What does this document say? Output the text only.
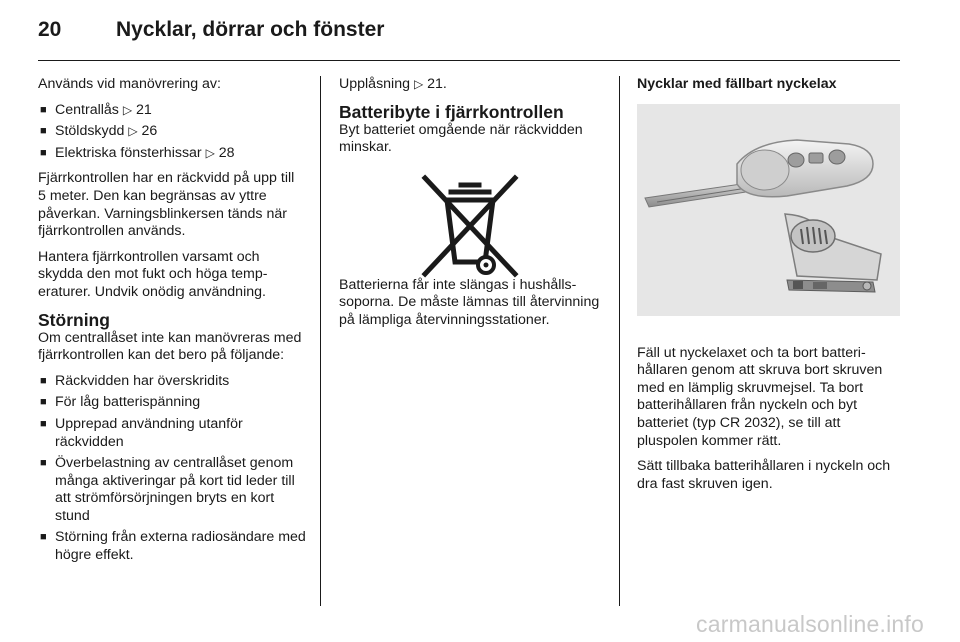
20	Nycklar, dörrar och fönster

Används vid manövrering av:

■ Centrallås ▷ 21
■ Stöldskydd ▷ 26
■ Elektriska fönsterhissar ▷ 28

Fjärrkontrollen har en räckvidd på upp till 5 meter. Den kan begränsas av yttre påverkan. Varningsblinkersen tänds när fjärrkontrollen används.

Hantera fjärrkontrollen varsamt och skydda den mot fukt och höga temperaturer. Undvik onödig användning.

Störning

Om centrallåset inte kan manövreras med fjärrkontrollen kan det bero på följande:

■ Räckvidden har överskridits
■ För låg batterispänning
■ Upprepad användning utanför räckvidden
■ Överbelastning av centrallåset genom många aktiveringar på kort tid leder till att strömförsörjningen bryts en kort stund
■ Störning från externa radiosändare med högre effekt.

Upplåsning ▷ 21.

Batteribyte i fjärrkontrollen

Byt batteriet omgående när räckvidden minskar.

Batterierna får inte slängas i hushållssoporna. De måste lämnas till återvinning på lämpliga återvinningsstationer.

Nycklar med fällbart nyckelax

Fäll ut nyckelaxet och ta bort batterihållaren genom att skruva bort skruven med en lämplig skruvmejsel. Ta bort batterihållaren från nyckeln och byt batteriet (typ CR 2032), se till att pluspolen kommer rätt.

Sätt tillbaka batterihållaren i nyckeln och dra fast skruven igen.

carmanualsonline.info
